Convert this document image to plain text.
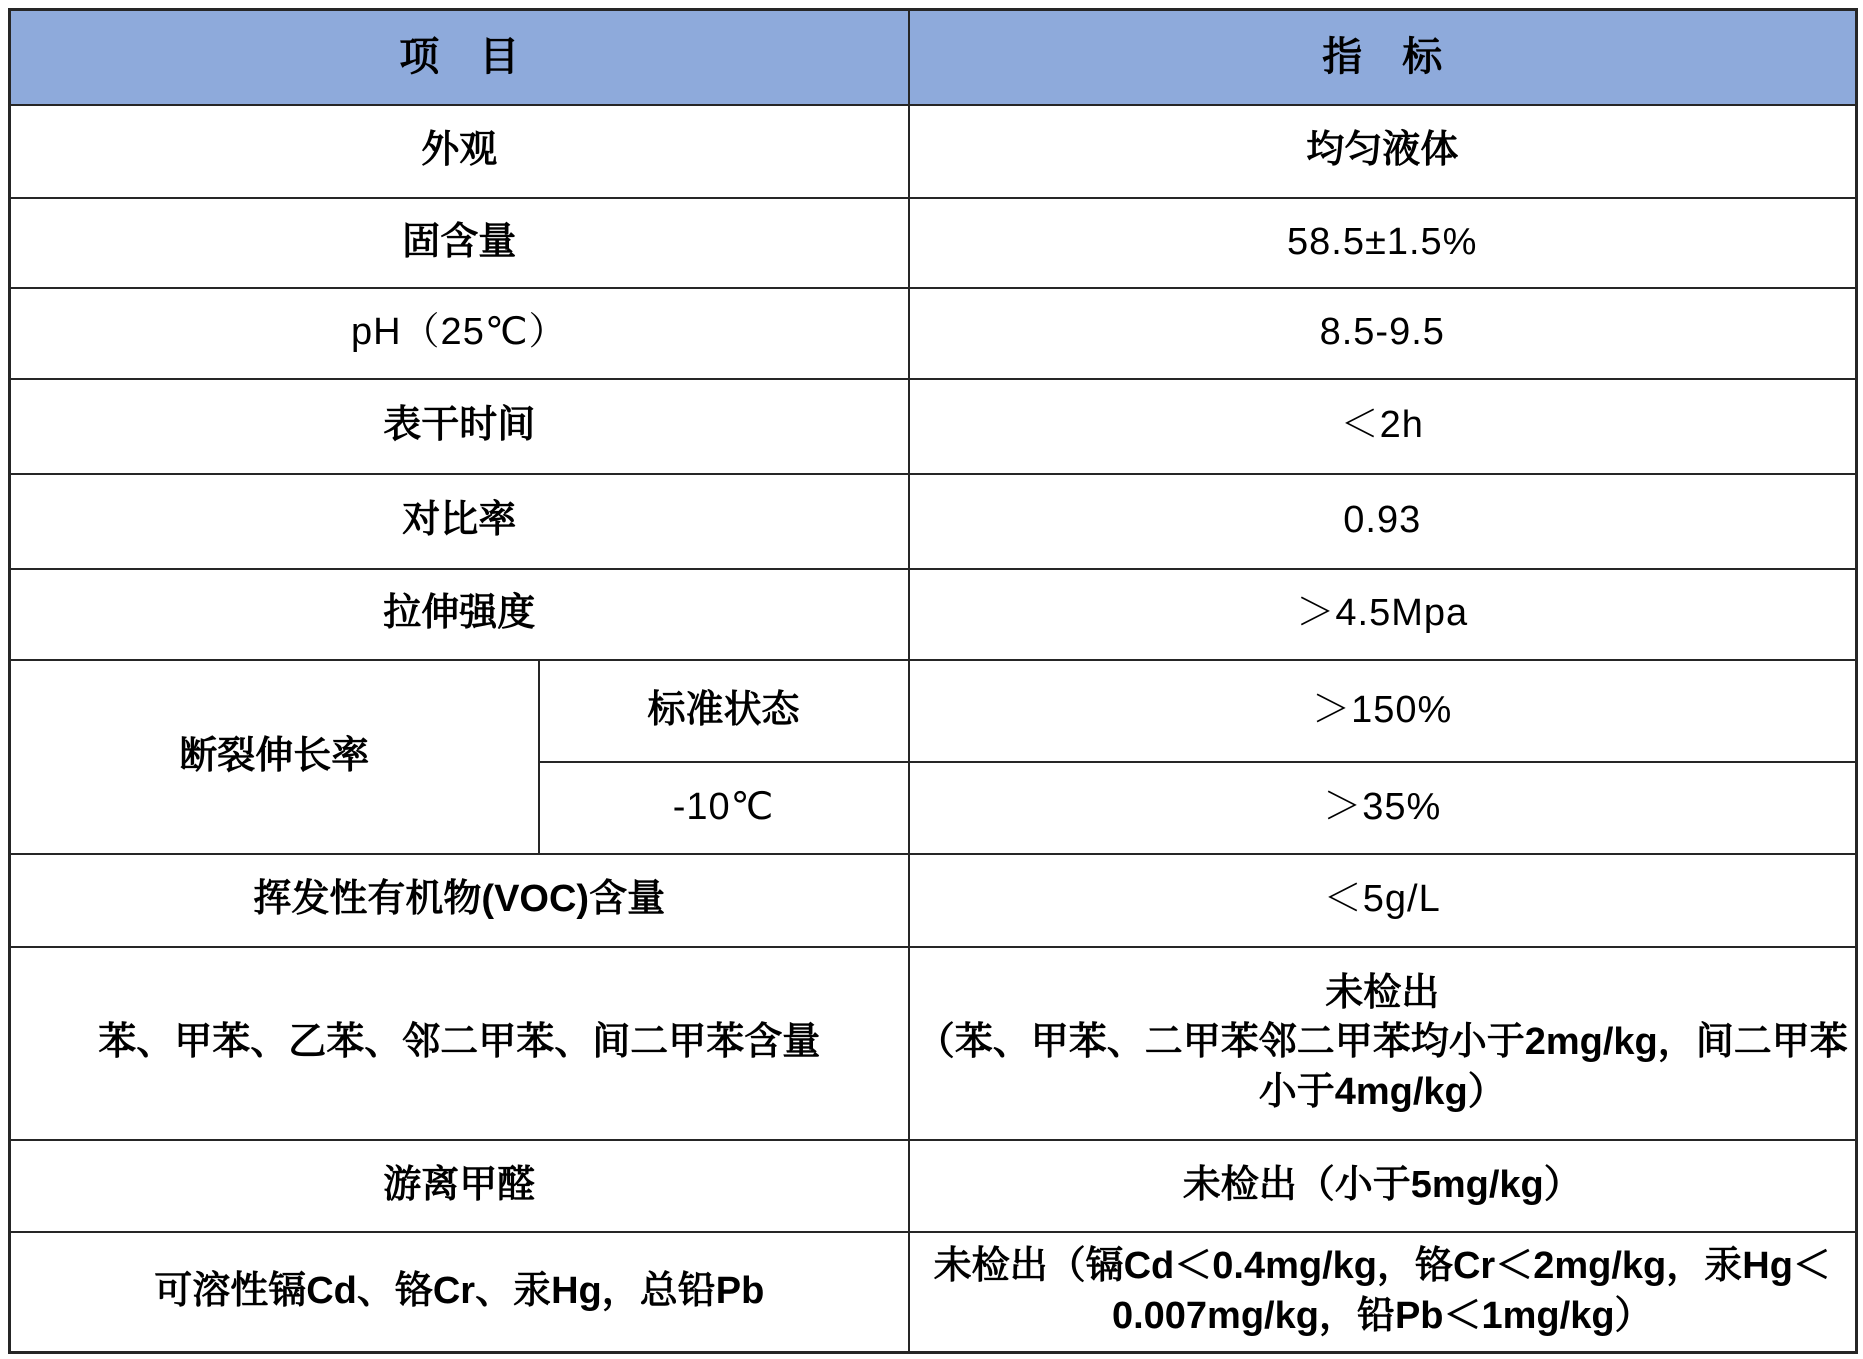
项　目		指　标
外观		均匀液体
固含量		58.5±1.5%
pH（25℃）		8.5-9.5
表干时间		＜2h
对比率		0.93
拉伸强度		＞4.5Mpa
断裂伸长率	标准状态	＞150%
	-10℃	＞35%
挥发性有机物(VOC)含量		＜5g/L
苯、甲苯、乙苯、邻二甲苯、间二甲苯含量		未检出
（苯、甲苯、二甲苯邻二甲苯均小于2mg/kg，间二甲苯小于4mg/kg）

游离甲醛		未检出（小于5mg/kg）
可溶性镉Cd、铬Cr、汞Hg，总铅Pb		未检出（镉Cd＜0.4mg/kg，铬Cr＜2mg/kg，汞Hg＜0.007mg/kg，铅Pb＜1mg/kg）
